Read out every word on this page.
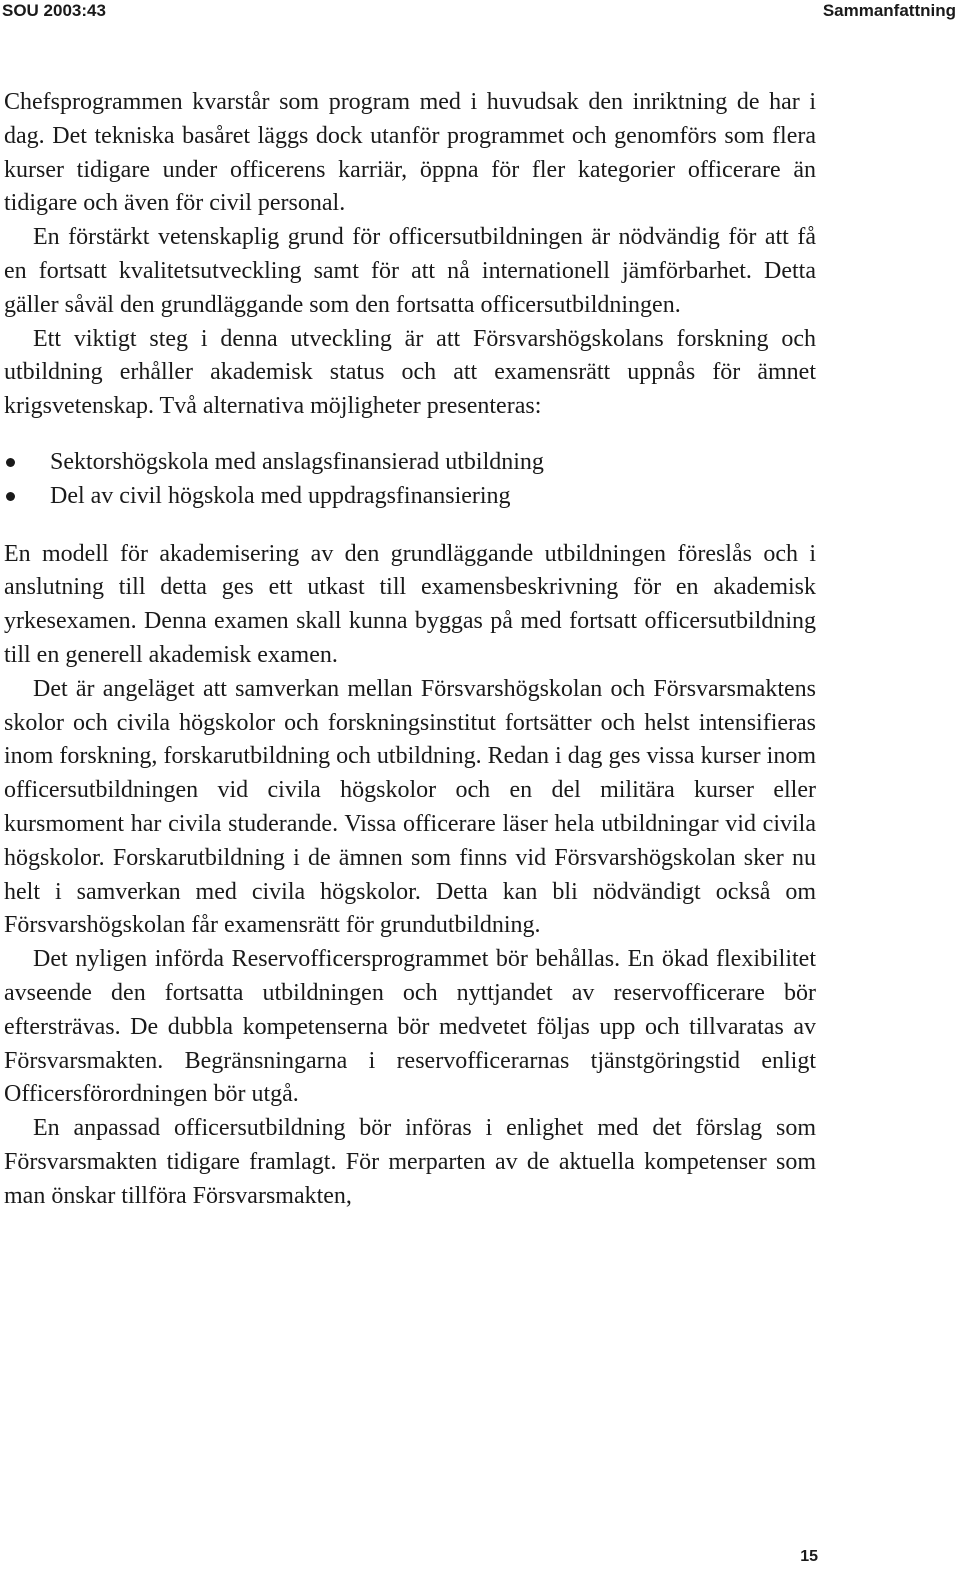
SOU 2003:43	Sammanfattning

Chefsprogrammen kvarstår som program med i huvudsak den inriktning de har i dag. Det tekniska basåret läggs dock utanför programmet och genomförs som flera kurser tidigare under officerens karriär, öppna för fler kategorier officerare än tidigare och även för civil personal.

En förstärkt vetenskaplig grund för officersutbildningen är nödvändig för att få en fortsatt kvalitetsutveckling samt för att nå internationell jämförbarhet. Detta gäller såväl den grundläggande som den fortsatta officersutbildningen.

Ett viktigt steg i denna utveckling är att Försvarshögskolans forskning och utbildning erhåller akademisk status och att examensrätt uppnås för ämnet krigsvetenskap. Två alternativa möjligheter presenteras:

Sektorshögskola med anslagsfinansierad utbildning
Del av civil högskola med uppdragsfinansiering

En modell för akademisering av den grundläggande utbildningen föreslås och i anslutning till detta ges ett utkast till examensbeskrivning för en akademisk yrkesexamen. Denna examen skall kunna byggas på med fortsatt officersutbildning till en generell akademisk examen.

Det är angeläget att samverkan mellan Försvarshögskolan och Försvarsmaktens skolor och civila högskolor och forskningsinstitut fortsätter och helst intensifieras inom forskning, forskarutbildning och utbildning. Redan i dag ges vissa kurser inom officersutbildningen vid civila högskolor och en del militära kurser eller kursmoment har civila studerande. Vissa officerare läser hela utbildningar vid civila högskolor. Forskarutbildning i de ämnen som finns vid Försvarshögskolan sker nu helt i samverkan med civila högskolor. Detta kan bli nödvändigt också om Försvarshögskolan får examensrätt för grundutbildning.

Det nyligen införda Reservofficersprogrammet bör behållas. En ökad flexibilitet avseende den fortsatta utbildningen och nyttjandet av reservofficerare bör eftersträvas. De dubbla kompetenserna bör medvetet följas upp och tillvaratas av Försvarsmakten. Begränsningarna i reservofficerarnas tjänstgöringstid enligt Officersförordningen bör utgå.

En anpassad officersutbildning bör införas i enlighet med det förslag som Försvarsmakten tidigare framlagt. För merparten av de aktuella kompetenser som man önskar tillföra Försvarsmakten,

15
